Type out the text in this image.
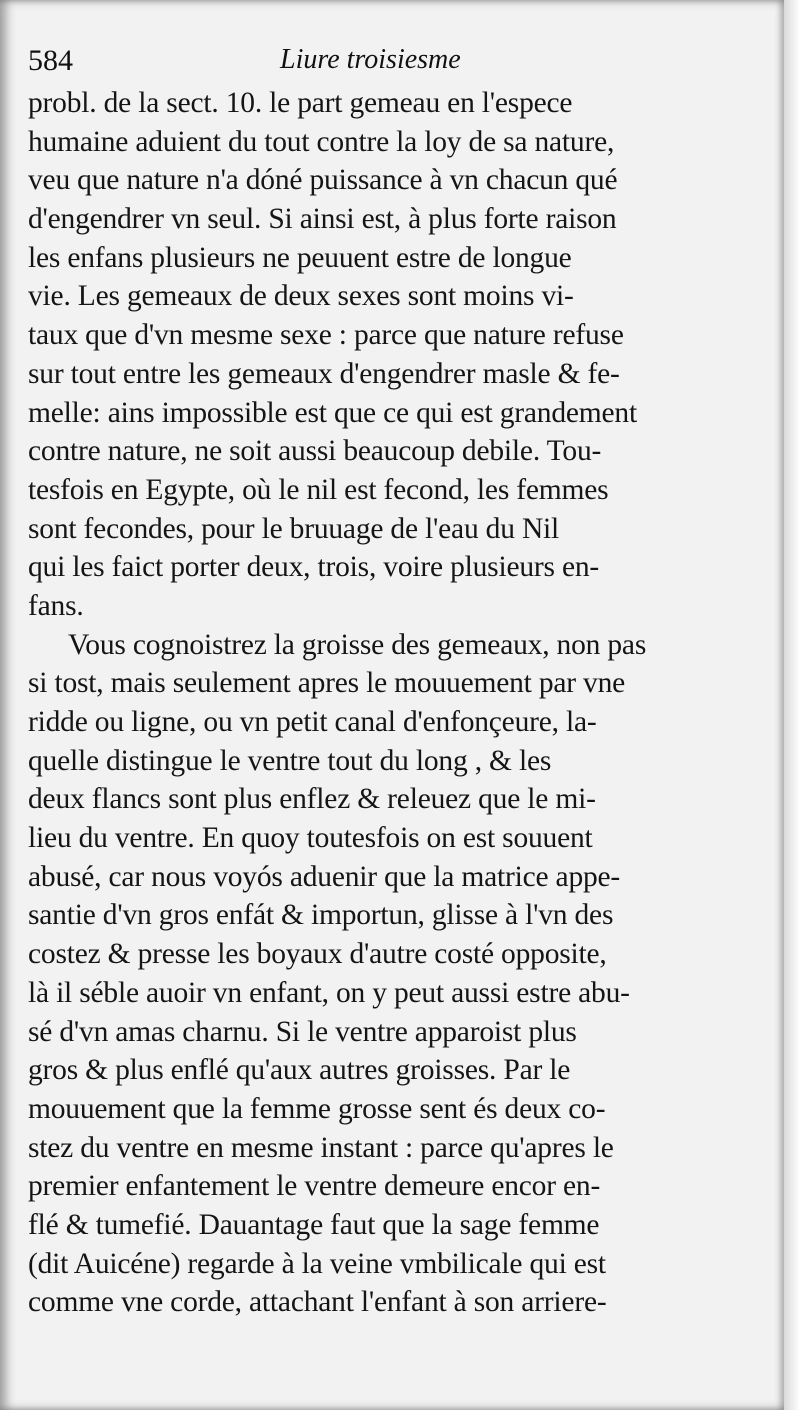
584	Liure troisiesme
probl. de la sect. 10. le part gemeau en l'espece
humaine aduient du tout contre la loy de sa nature,
veu que nature n'a dóné puissance à vn chacun qué
d'engendrer vn seul. Si ainsi est, à plus forte raison
les enfans plusieurs ne peuuent estre de longue
vie. Les gemeaux de deux sexes sont moins vi-
taux que d'vn mesme sexe : parce que nature refuse
sur tout entre les gemeaux d'engendrer masle & fe-
melle: ains impossible est que ce qui est grandement
contre nature, ne soit aussi beaucoup debile. Tou-
tesfois en Egypte, où le nil est fecond, les femmes
sont fecondes, pour le bruuage de l'eau du Nil
qui les faict porter deux, trois, voire plusieurs en-
fans.
Vous cognoistrez la groisse des gemeaux, non pas
si tost, mais seulement apres le mouuement par vne
ridde ou ligne, ou vn petit canal d'enfonçeure, la-
quelle distingue le ventre tout du long , & les
deux flancs sont plus enflez & releuez que le mi-
lieu du ventre. En quoy toutesfois on est souuent
abusé, car nous voyós aduenir que la matrice appe-
santie d'vn gros enfát & importun, glisse à l'vn des
costez & presse les boyaux d'autre costé opposite,
là il séble auoir vn enfant, on y peut aussi estre abu-
sé d'vn amas charnu. Si le ventre apparoist plus
gros & plus enflé qu'aux autres groisses. Par le
mouuement que la femme grosse sent és deux co-
stez du ventre en mesme instant : parce qu'apres le
premier enfantement le ventre demeure encor en-
flé & tumefié. Dauantage faut que la sage femme
(dit Auicéne) regarde à la veine vmbilicale qui est
comme vne corde, attachant l'enfant à son arriere-
